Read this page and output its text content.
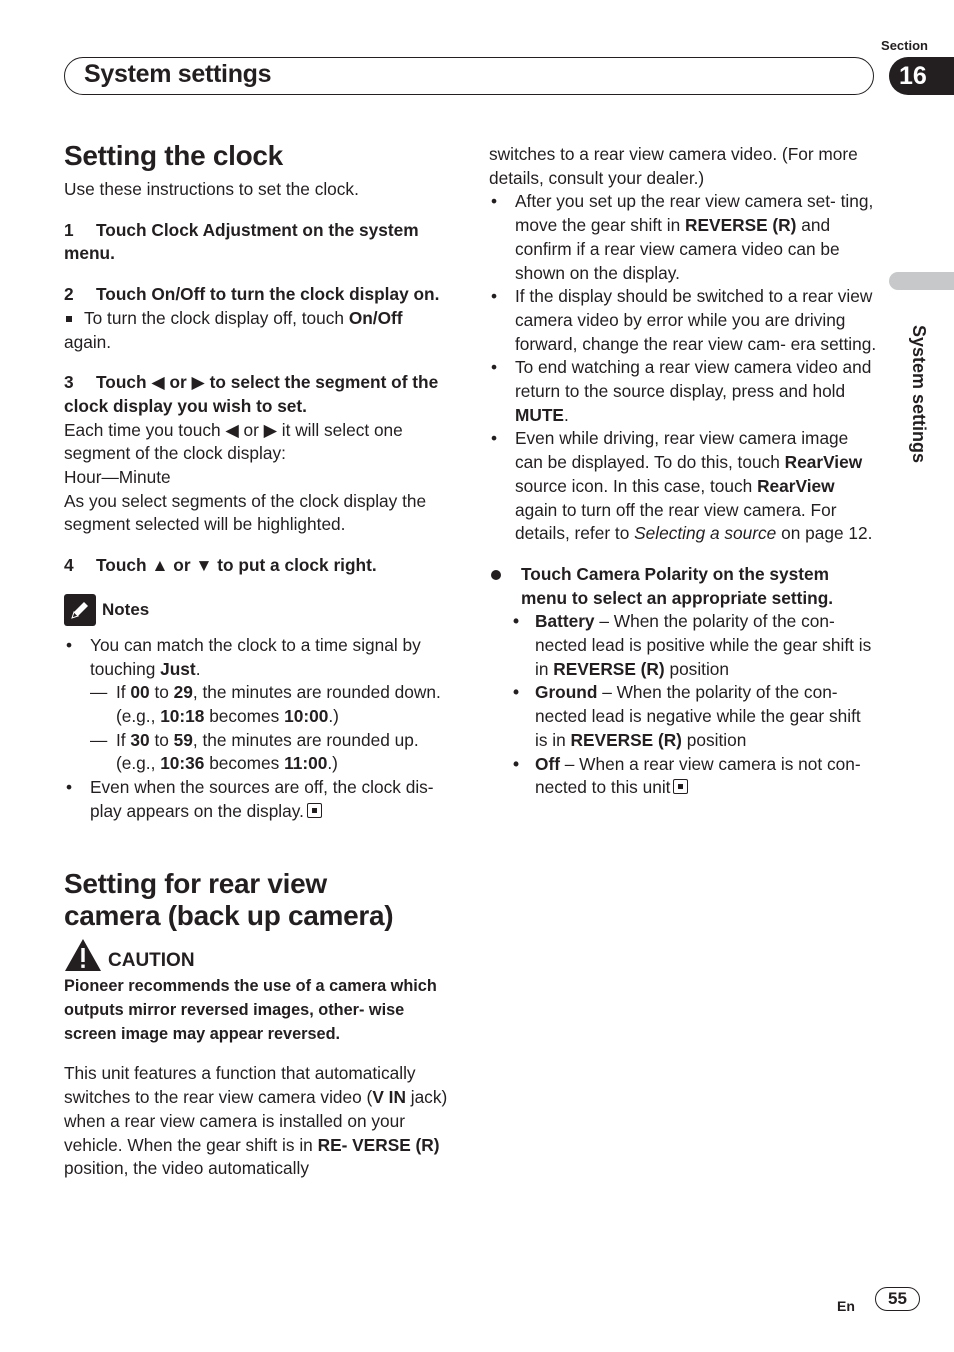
Section
System settings	16
System settings
Setting the clock

Use these instructions to set the clock.

1 Touch Clock Adjustment on the system menu.

2 Touch On/Off to turn the clock display on.

To turn the clock display off, touch On/Off again.

3 Touch ◀ or ▶ to select the segment of the clock display you wish to set.

Each time you touch ◀ or ▶ it will select one segment of the clock display:

Hour—Minute

As you select segments of the clock display the segment selected will be highlighted.

4 Touch ▲ or ▼ to put a clock right.

Notes
• You can match the clock to a time signal by touching Just.
— If 00 to 29, the minutes are rounded down. (e.g., 10:18 becomes 10:00.)
— If 30 to 59, the minutes are rounded up. (e.g., 10:36 becomes 11:00.)
• Even when the sources are off, the clock dis- play appears on the display.
Setting for rear view
camera (back up camera)
CAUTION

Pioneer recommends the use of a camera which outputs mirror reversed images, other- wise screen image may appear reversed.

This unit features a function that automatically switches to the rear view camera video (V IN jack) when a rear view camera is installed on your vehicle. When the gear shift is in RE- VERSE (R) position, the video automatically

switches to a rear view camera video. (For more details, consult your dealer.)

• After you set up the rear view camera set- ting, move the gear shift in REVERSE (R) and confirm if a rear view camera video can be shown on the display.
• If the display should be switched to a rear view camera video by error while you are driving forward, change the rear view cam- era setting.
• To end watching a rear view camera video and return to the source display, press and hold MUTE.
• Even while driving, rear view camera image can be displayed. To do this, touch RearView source icon. In this case, touch RearView again to turn off the rear view camera. For details, refer to Selecting a source on page 12.

Touch Camera Polarity on the system menu to select an appropriate setting.

• Battery – When the polarity of the con- nected lead is positive while the gear shift is in REVERSE (R) position
• Ground – When the polarity of the con- nected lead is negative while the gear shift is in REVERSE (R) position
• Off – When a rear view camera is not con- nected to this unit
En	55
